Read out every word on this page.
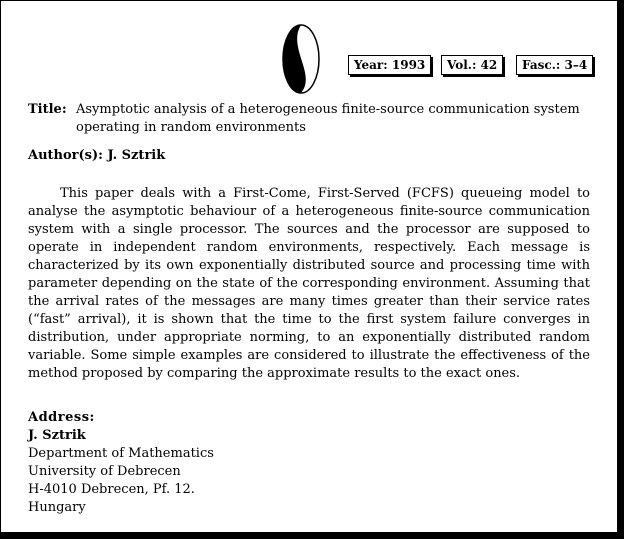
Year: 1993	Vol.: 42	Fasc.: 3–4
Title: Asymptotic analysis of a heterogeneous finite-source communication system operating in random environments
Author(s): J. Sztrik

This paper deals with a First-Come, First-Served (FCFS) queueing model to analyse the asymptotic behaviour of a heterogeneous finite-source communication system with a single processor. The sources and the processor are supposed to operate in independent random environments, respectively. Each message is characterized by its own exponentially distributed source and processing time with parameter depending on the state of the corresponding environment. Assuming that the arrival rates of the messages are many times greater than their service rates (“fast” arrival), it is shown that the time to the first system failure converges in distribution, under appropriate norming, to an exponentially distributed random variable. Some simple examples are considered to illustrate the effectiveness of the method proposed by comparing the approximate results to the exact ones.

Address:
J. Sztrik
Department of Mathematics
University of Debrecen
H-4010 Debrecen, Pf. 12.
Hungary
